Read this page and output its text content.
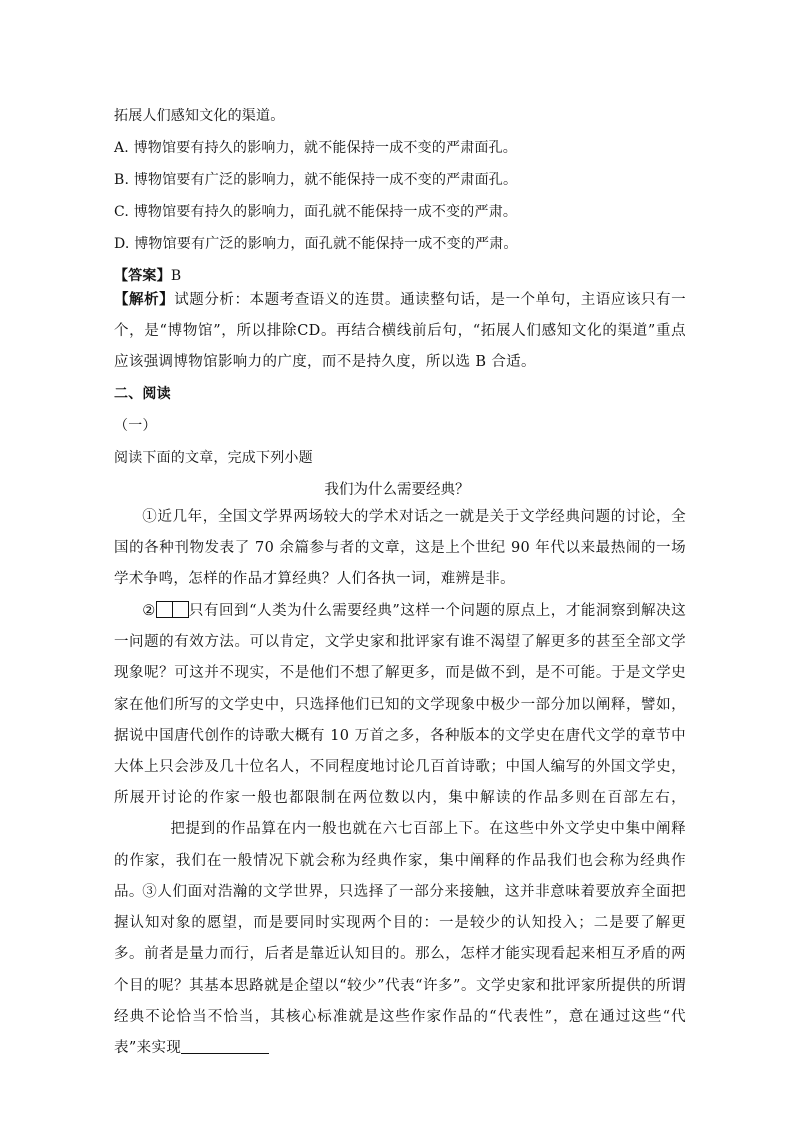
拓展人们感知文化的渠道。
A. 博物馆要有持久的影响力，就不能保持一成不变的严肃面孔。
B. 博物馆要有广泛的影响力，就不能保持一成不变的严肃面孔。
C. 博物馆要有持久的影响力，面孔就不能保持一成不变的严肃。
D. 博物馆要有广泛的影响力，面孔就不能保持一成不变的严肃。
【答案】B
【解析】试题分析：本题考查语义的连贯。通读整句话，是一个单句，主语应该只有一个，是“博物馆”，所以排除CD。再结合横线前后句，“拓展人们感知文化的渠道”重点应该强调博物馆影响力的广度，而不是持久度，所以选 B 合适。
二、阅读
（一）
阅读下面的文章，完成下列小题
我们为什么需要经典？
①近几年，全国文学界两场较大的学术对话之一就是关于文学经典问题的讨论，全国的各种刊物发表了 70 余篇参与者的文章，这是上个世纪 90 年代以来最热闹的一场学术争鸣，怎样的作品才算经典？人们各执一词，难辨是非。
② 只有回到“人类为什么需要经典”这样一个问题的原点上，才能洞察到解决这一问题的有效方法。可以肯定，文学史家和批评家有谁不渴望了解更多的甚至全部文学现象呢？可这并不现实，不是他们不想了解更多，而是做不到，是不可能。于是文学史家在他们所写的文学史中，只选择他们已知的文学现象中极少一部分加以阐释，譬如，据说中国唐代创作的诗歌大概有 10 万首之多，各种版本的文学史在唐代文学的章节中大体上只会涉及几十位名人，不同程度地讨论几百首诗歌；中国人编写的外国文学史，所展开讨论的作家一般也都限制在两位数以内，集中解读的作品多则在百部左右，把提到的作品算在内一般也就在六七百部上下。在这些中外文学史中集中阐释的作家，我们在一般情况下就会称为经典作家，集中阐释的作品我们也会称为经典作品。
③人们面对浩瀚的文学世界，只选择了一部分来接触，这并非意味着要放弃全面把握认知对象的愿望，而是要同时实现两个目的：一是较少的认知投入；二是要了解更多。前者是量力而行，后者是靠近认知目的。那么，怎样才能实现看起来相互矛盾的两个目的呢？其基本思路就是企望以“较少”代表“许多”。文学史家和批评家所提供的所谓经典不论恰当不恰当，其核心标准就是这些作家作品的“代表性”，意在通过这些“代表”来实现
